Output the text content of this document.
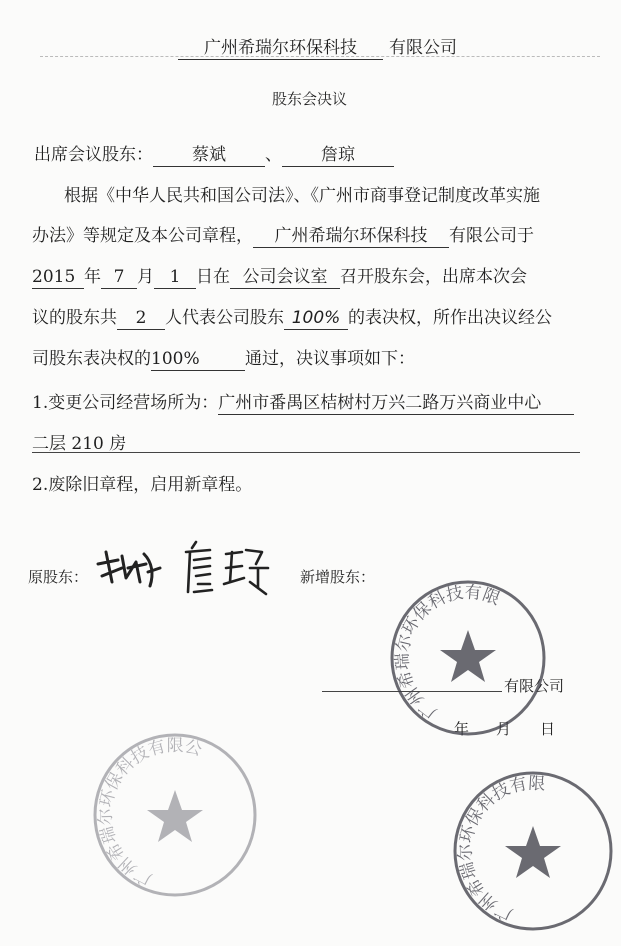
广州希瑞尔环保科技 有限公司
股东会决议
出席会议股东： 蔡斌 、 詹琼
根据《中华人民共和国公司法》、《广州市商事登记制度改革实施
办法》等规定及本公司章程， 广州希瑞尔环保科技 有限公司于
2015 年 7 月 1 日在 公司会议室 召开股东会，出席本次会
议的股东共 2 人代表公司股东 100% 的表决权，所作出决议经公
司股东表决权的100%	通过，决议事项如下：
1.变更公司经营场所为：广州市番禺区桔树村万兴二路万兴商业中心
二层 210 房
2.废除旧章程，启用新章程。
原股东：	新增股东：
有限公司
年 月 日
广州希瑞尔环保科技有限公司
广州希瑞尔环保科技有限公司
广州希瑞尔环保科技有限公司
